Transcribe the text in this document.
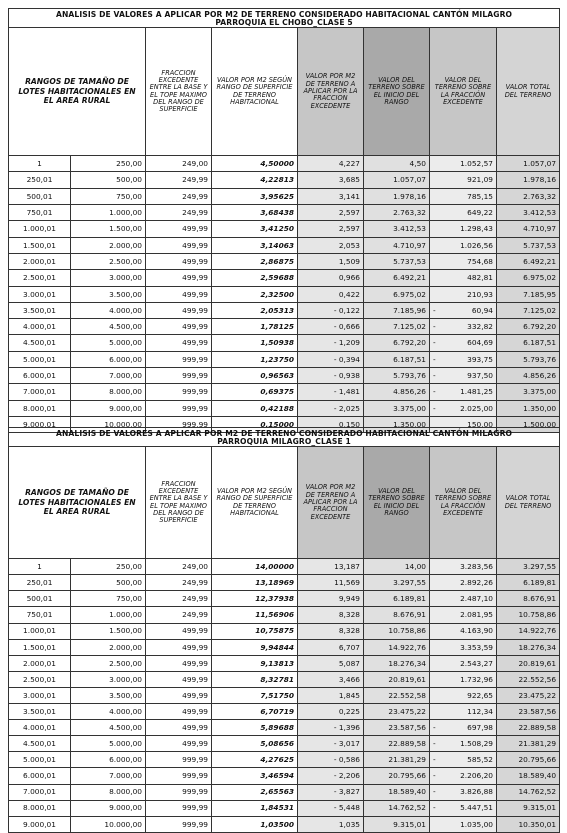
ANALISIS DE VALORES A APLICAR POR M2 DE TERRENO CONSIDERADO HABITACIONAL CANTÓN MILAGRO
PARROQUIA EL CHOBO_CLASE 5							

RANGOS DE TAMAÑO DE LOTES HABITACIONALES EN EL AREA RURAL		FRACCION EXCEDENTE ENTRE LA BASE Y EL TOPE MAXIMO DEL RANGO DE SUPERFICIE	VALOR POR M2 SEGÚN RANGO DE SUPERFICIE DE TERRENO HABITACIONAL	VALOR POR M2 DE TERRENO A APLICAR POR LA FRACCION EXCEDENTE	VALOR DEL TERRENO SOBRE EL INICIO DEL RANGO	VALOR DEL TERRENO SOBRE LA FRACCIÓN EXCEDENTE	VALOR TOTAL DEL TERRENO
1	250,00	249,00	4,50000	4,227	4,50	1.052,57	1.057,07
250,01	500,00	249,99	4,22813	3,685	1.057,07	921,09	1.978,16
500,01	750,00	249,99	3,95625	3,141	1.978,16	785,15	2.763,32
750,01	1.000,00	249,99	3,68438	2,597	2.763,32	649,22	3.412,53
1.000,01	1.500,00	499,99	3,41250	2,597	3.412,53	1.298,43	4.710,97
1.500,01	2.000,00	499,99	3,14063	2,053	4.710,97	1.026,56	5.737,53
2.000,01	2.500,00	499,99	2,86875	1,509	5.737,53	754,68	6.492,21
2.500,01	3.000,00	499,99	2,59688	0,966	6.492,21	482,81	6.975,02
3.000,01	3.500,00	499,99	2,32500	0,422	6.975,02	210,93	7.185,95
3.500,01	4.000,00	499,99	2,05313	- 0,122	7.185,96	- 60,94	7.125,02
4.000,01	4.500,00	499,99	1,78125	- 0,666	7.125,02	- 332,82	6.792,20
4.500,01	5.000,00	499,99	1,50938	- 1,209	6.792,20	- 604,69	6.187,51
5.000,01	6.000,00	999,99	1,23750	- 0,394	6.187,51	- 393,75	5.793,76
6.000,01	7.000,00	999,99	0,96563	- 0,938	5.793,76	- 937,50	4.856,26
7.000,01	8.000,00	999,99	0,69375	- 1,481	4.856,26	- 1.481,25	3.375,00
8.000,01	9.000,00	999,99	0,42188	- 2,025	3.375,00	- 2.025,00	1.350,00
9.000,01	10.000,00	999,99	0,15000	0,150	1.350,00	150,00	1.500,00
ANALISIS DE VALORES A APLICAR POR M2 DE TERRENO CONSIDERADO HABITACIONAL CANTÓN MILAGRO
PARROQUIA MILAGRO_CLASE 1							

RANGOS DE TAMAÑO DE LOTES HABITACIONALES EN EL AREA RURAL		FRACCION EXCEDENTE ENTRE LA BASE Y EL TOPE MAXIMO DEL RANGO DE SUPERFICIE	VALOR POR M2 SEGÚN RANGO DE SUPERFICIE DE TERRENO HABITACIONAL	VALOR POR M2 DE TERRENO A APLICAR POR LA FRACCION EXCEDENTE	VALOR DEL TERRENO SOBRE EL INICIO DEL RANGO	VALOR DEL TERRENO SOBRE LA FRACCIÓN EXCEDENTE	VALOR TOTAL DEL TERRENO
1	250,00	249,00	14,00000	13,187	14,00	3.283,56	3.297,55
250,01	500,00	249,99	13,18969	11,569	3.297,55	2.892,26	6.189,81
500,01	750,00	249,99	12,37938	9,949	6.189,81	2.487,10	8.676,91
750,01	1.000,00	249,99	11,56906	8,328	8.676,91	2.081,95	10.758,86
1.000,01	1.500,00	499,99	10,75875	8,328	10.758,86	4.163,90	14.922,76
1.500,01	2.000,00	499,99	9,94844	6,707	14.922,76	3.353,59	18.276,34
2.000,01	2.500,00	499,99	9,13813	5,087	18.276,34	2.543,27	20.819,61
2.500,01	3.000,00	499,99	8,32781	3,466	20.819,61	1.732,96	22.552,56
3.000,01	3.500,00	499,99	7,51750	1,845	22.552,58	922,65	23.475,22
3.500,01	4.000,00	499,99	6,70719	0,225	23.475,22	112,34	23.587,56
4.000,01	4.500,00	499,99	5,89688	- 1,396	23.587,56	- 697,98	22.889,58
4.500,01	5.000,00	499,99	5,08656	- 3,017	22.889,58	- 1.508,29	21.381,29
5.000,01	6.000,00	999,99	4,27625	- 0,586	21.381,29	- 585,52	20.795,66
6.000,01	7.000,00	999,99	3,46594	- 2,206	20.795,66	- 2.206,20	18.589,40
7.000,01	8.000,00	999,99	2,65563	- 3,827	18.589,40	- 3.826,88	14.762,52
8.000,01	9.000,00	999,99	1,84531	- 5,448	14.762,52	- 5.447,51	9.315,01
9.000,01	10.000,00	999,99	1,03500	1,035	9.315,01	1.035,00	10.350,01
